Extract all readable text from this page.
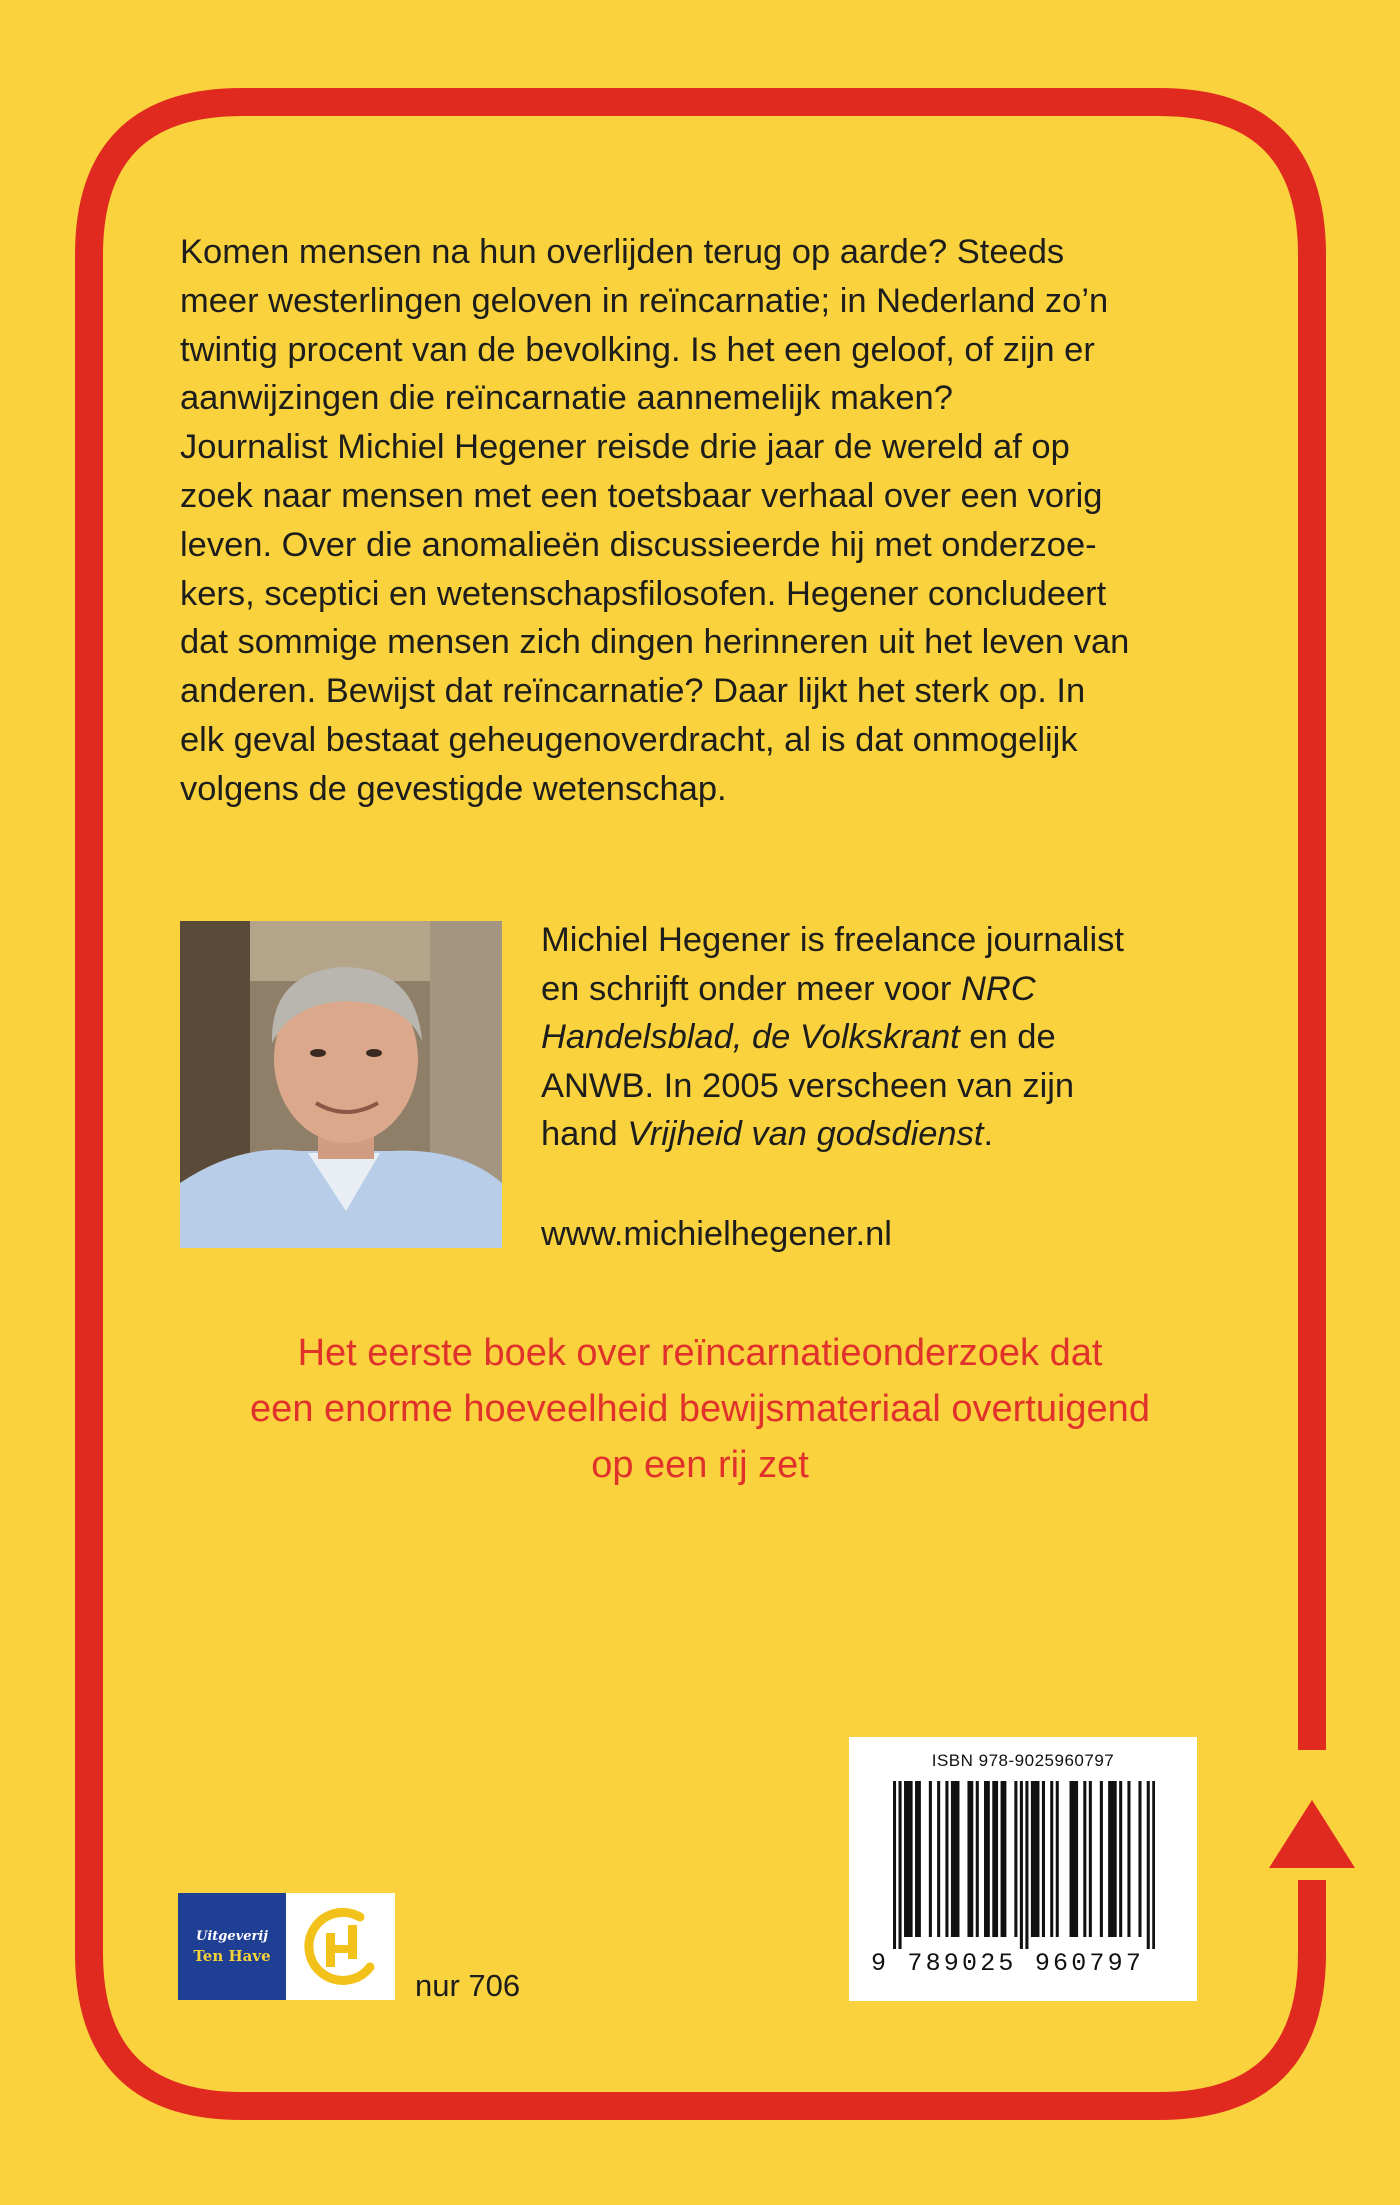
Komen mensen na hun overlijden terug op aarde? Steeds
meer westerlingen geloven in reïncarnatie; in Nederland zo’n
twintig procent van de bevolking. Is het een geloof, of zijn er
aanwijzingen die reïncarnatie aannemelijk maken?
Journalist Michiel Hegener reisde drie jaar de wereld af op
zoek naar mensen met een toetsbaar verhaal over een vorig
leven. Over die anomalieën discussieerde hij met onderzoe-
kers, sceptici en wetenschapsfilosofen. Hegener concludeert
dat sommige mensen zich dingen herinneren uit het leven van
anderen. Bewijst dat reïncarnatie? Daar lijkt het sterk op. In
elk geval bestaat geheugenoverdracht, al is dat onmogelijk
volgens de gevestigde wetenschap.

Michiel Hegener is freelance journalist
en schrijft onder meer voor NRC
Handelsblad, de Volkskrant en de
ANWB. In 2005 verscheen van zijn
hand Vrijheid van godsdienst.

www.michielhegener.nl

Het eerste boek over reïncarnatieonderzoek dat
een enorme hoeveelheid bewijsmateriaal overtuigend
op een rij zet

ISBN 978-9025960797
9 789025 960797
Uitgeverij
Ten Have

nur 706
